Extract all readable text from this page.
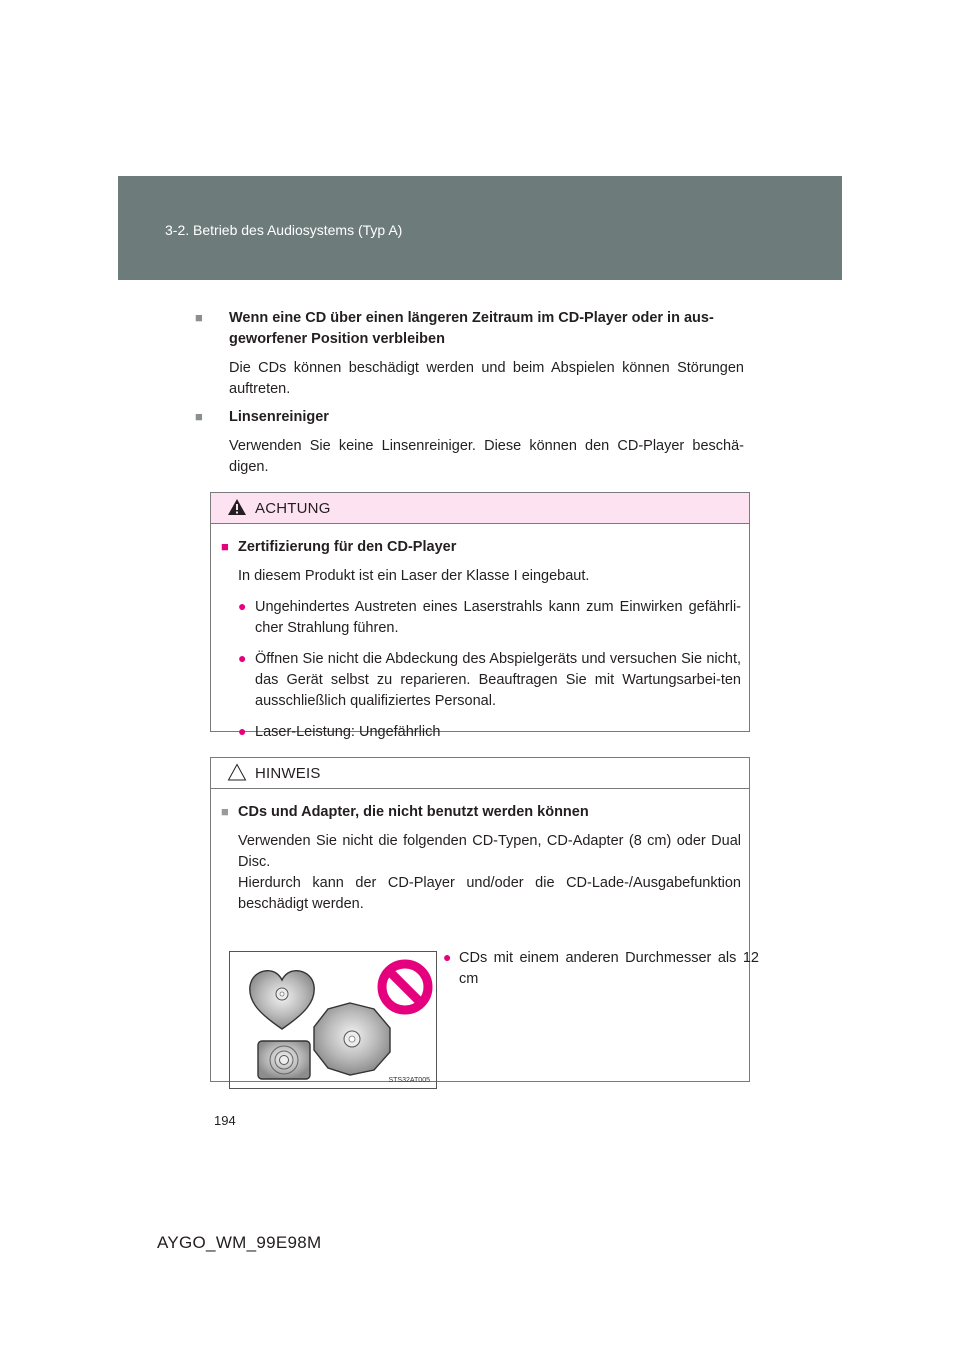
3-2. Betrieb des Audiosystems (Typ A)

■ Wenn eine CD über einen längeren Zeitraum im CD-Player oder in aus-geworfener Position verbleiben

Die CDs können beschädigt werden und beim Abspielen können Störungen auftreten.

■ Linsenreiniger

Verwenden Sie keine Linsenreiniger. Diese können den CD-Player beschä-digen.

ACHTUNG

■ Zertifizierung für den CD-Player

In diesem Produkt ist ein Laser der Klasse I eingebaut.

● Ungehindertes Austreten eines Laserstrahls kann zum Einwirken gefährli-cher Strahlung führen.

● Öffnen Sie nicht die Abdeckung des Abspielgeräts und versuchen Sie nicht, das Gerät selbst zu reparieren. Beauftragen Sie mit Wartungsarbei-ten ausschließlich qualifiziertes Personal.

● Laser-Leistung: Ungefährlich

HINWEIS

■ CDs und Adapter, die nicht benutzt werden können

Verwenden Sie nicht die folgenden CD-Typen, CD-Adapter (8 cm) oder Dual Disc.

Hierdurch kann der CD-Player und/oder die CD-Lade-/Ausgabefunktion beschädigt werden.

STS32AT005
● CDs mit einem anderen Durchmesser als 12 cm
194
AYGO_WM_99E98M
